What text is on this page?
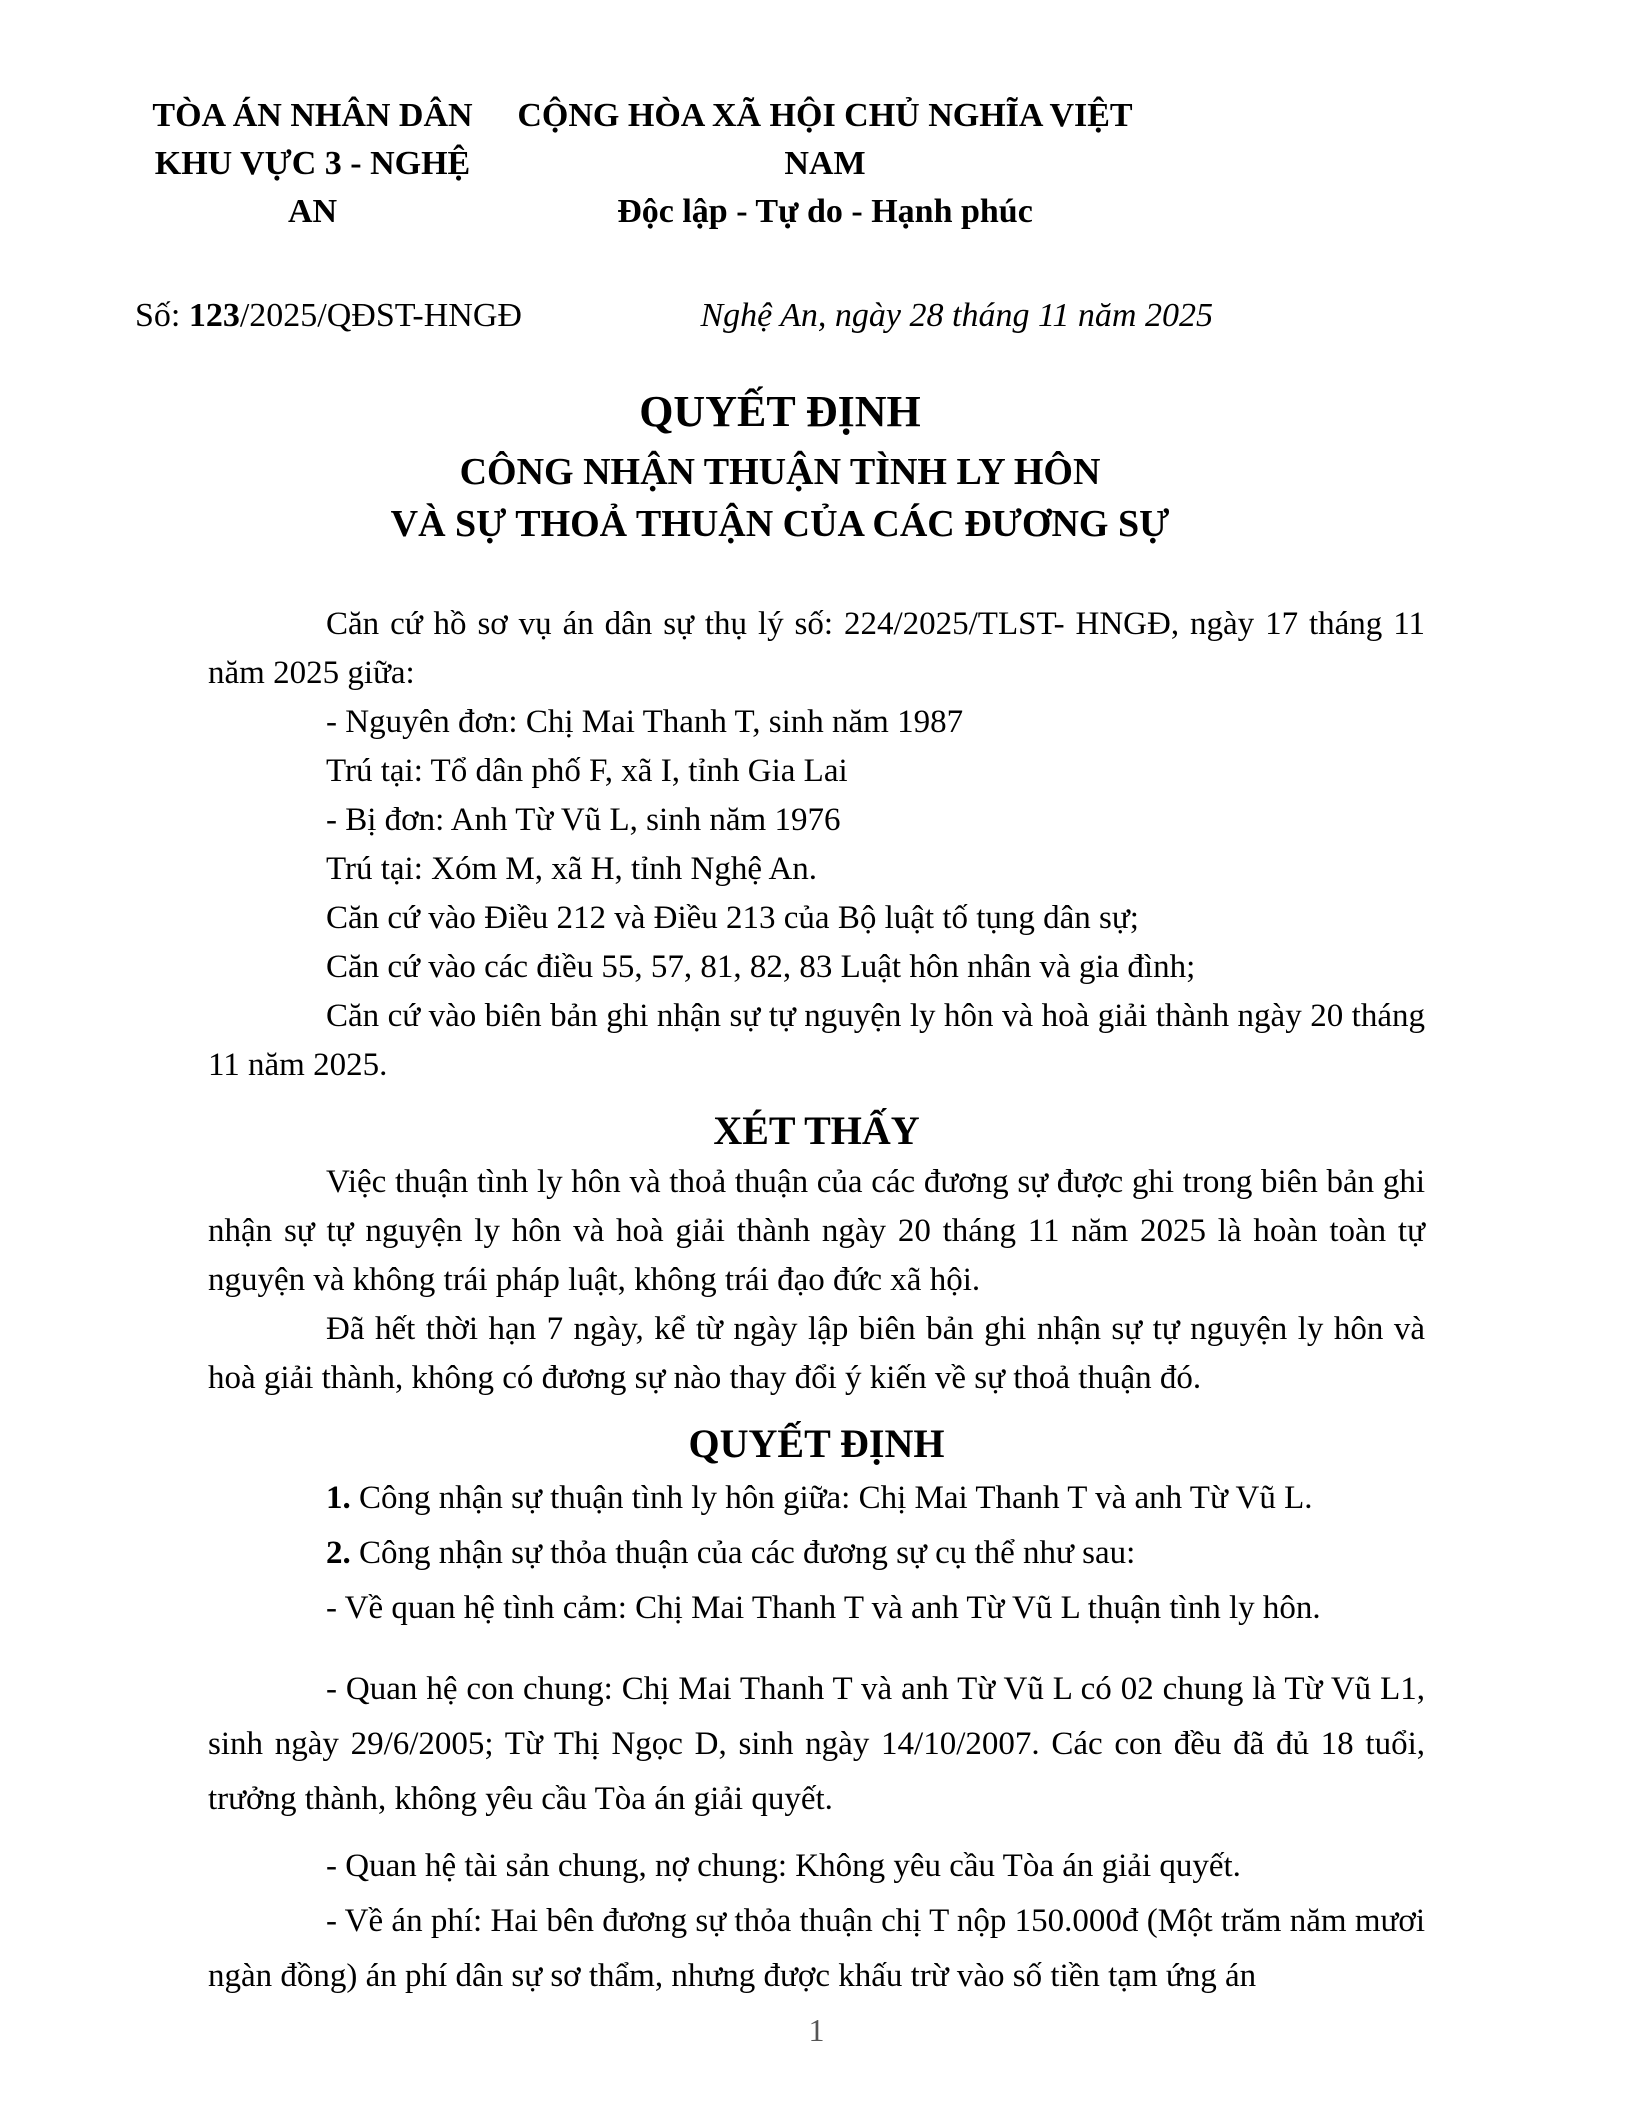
TÒA ÁN NHÂN DÂN
KHU VỰC 3 - NGHỆ AN
CỘNG HÒA XÃ HỘI CHỦ NGHĨA VIỆT NAM
Độc lập - Tự do - Hạnh phúc
Số: 123/2025/QĐST-HNGĐ	Nghệ An, ngày 28 tháng 11 năm 2025
QUYẾT ĐỊNH
CÔNG NHẬN THUẬN TÌNH LY HÔN
VÀ SỰ THOẢ THUẬN CỦA CÁC ĐƯƠNG SỰ

Căn cứ hồ sơ vụ án dân sự thụ lý số: 224/2025/TLST- HNGĐ, ngày 17 tháng 11 năm 2025 giữa:

- Nguyên đơn: Chị Mai Thanh T, sinh năm 1987

Trú tại: Tổ dân phố F, xã I, tỉnh Gia Lai

- Bị đơn: Anh Từ Vũ L, sinh năm 1976

Trú tại: Xóm M, xã H, tỉnh Nghệ An.

Căn cứ vào Điều 212 và Điều 213 của Bộ luật tố tụng dân sự;

Căn cứ vào các điều 55, 57, 81, 82, 83 Luật hôn nhân và gia đình;

Căn cứ vào biên bản ghi nhận sự tự nguyện ly hôn và hoà giải thành ngày 20 tháng 11 năm 2025.

XÉT THẤY

Việc thuận tình ly hôn và thoả thuận của các đương sự được ghi trong biên bản ghi nhận sự tự nguyện ly hôn và hoà giải thành ngày 20 tháng 11 năm 2025 là hoàn toàn tự nguyện và không trái pháp luật, không trái đạo đức xã hội.

Đã hết thời hạn 7 ngày, kể từ ngày lập biên bản ghi nhận sự tự nguyện ly hôn và hoà giải thành, không có đương sự nào thay đổi ý kiến về sự thoả thuận đó.

QUYẾT ĐỊNH

1. Công nhận sự thuận tình ly hôn giữa: Chị Mai Thanh T và anh Từ Vũ L.

2. Công nhận sự thỏa thuận của các đương sự cụ thể như sau:

- Về quan hệ tình cảm: Chị Mai Thanh T và anh Từ Vũ L thuận tình ly hôn.

- Quan hệ con chung: Chị Mai Thanh T và anh Từ Vũ L có 02 chung là Từ Vũ L1, sinh ngày 29/6/2005; Từ Thị Ngọc D, sinh ngày 14/10/2007. Các con đều đã đủ 18 tuổi, trưởng thành, không yêu cầu Tòa án giải quyết.

- Quan hệ tài sản chung, nợ chung: Không yêu cầu Tòa án giải quyết.

- Về án phí: Hai bên đương sự thỏa thuận chị T nộp 150.000đ (Một trăm năm mươi ngàn đồng) án phí dân sự sơ thẩm, nhưng được khấu trừ vào số tiền tạm ứng án

1
